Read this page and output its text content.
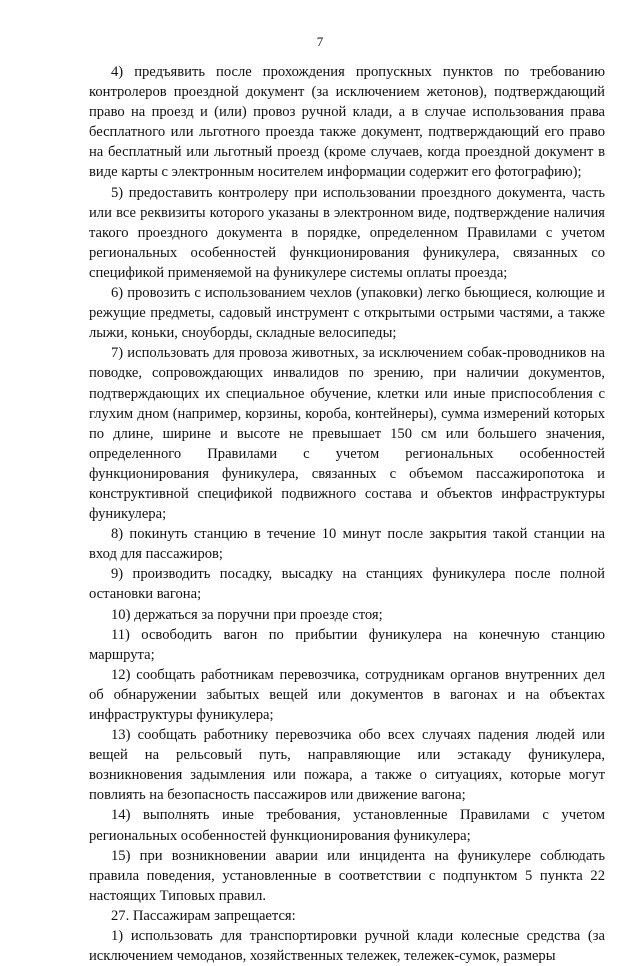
7

4) предъявить после прохождения пропускных пунктов по требованию контролеров проездной документ (за исключением жетонов), подтверждающий право на проезд и (или) провоз ручной клади, а в случае использования права бесплатного или льготного проезда также документ, подтверждающий его право на бесплатный или льготный проезд (кроме случаев, когда проездной документ в виде карты с электронным носителем информации содержит его фотографию);

5) предоставить контролеру при использовании проездного документа, часть или все реквизиты которого указаны в электронном виде, подтверждение наличия такого проездного документа в порядке, определенном Правилами с учетом региональных особенностей функционирования фуникулера, связанных со спецификой применяемой на фуникулере системы оплаты проезда;

6) провозить с использованием чехлов (упаковки) легко бьющиеся, колющие и режущие предметы, садовый инструмент с открытыми острыми частями, а также лыжи, коньки, сноуборды, складные велосипеды;

7) использовать для провоза животных, за исключением собак-проводников на поводке, сопровождающих инвалидов по зрению, при наличии документов, подтверждающих их специальное обучение, клетки или иные приспособления с глухим дном (например, корзины, короба, контейнеры), сумма измерений которых по длине, ширине и высоте не превышает 150 см или большего значения, определенного Правилами с учетом региональных особенностей функционирования фуникулера, связанных с объемом пассажиропотока и конструктивной спецификой подвижного состава и объектов инфраструктуры фуникулера;

8) покинуть станцию в течение 10 минут после закрытия такой станции на вход для пассажиров;

9) производить посадку, высадку на станциях фуникулера после полной остановки вагона;

10) держаться за поручни при проезде стоя;

11) освободить вагон по прибытии фуникулера на конечную станцию маршрута;

12) сообщать работникам перевозчика, сотрудникам органов внутренних дел об обнаружении забытых вещей или документов в вагонах и на объектах инфраструктуры фуникулера;

13) сообщать работнику перевозчика обо всех случаях падения людей или вещей на рельсовый путь, направляющие или эстакаду фуникулера, возникновения задымления или пожара, а также о ситуациях, которые могут повлиять на безопасность пассажиров или движение вагона;

14) выполнять иные требования, установленные Правилами с учетом региональных особенностей функционирования фуникулера;

15) при возникновении аварии или инцидента на фуникулере соблюдать правила поведения, установленные в соответствии с подпунктом 5 пункта 22 настоящих Типовых правил.

27. Пассажирам запрещается:

1) использовать для транспортировки ручной клади колесные средства (за исключением чемоданов, хозяйственных тележек, тележек-сумок, размеры
